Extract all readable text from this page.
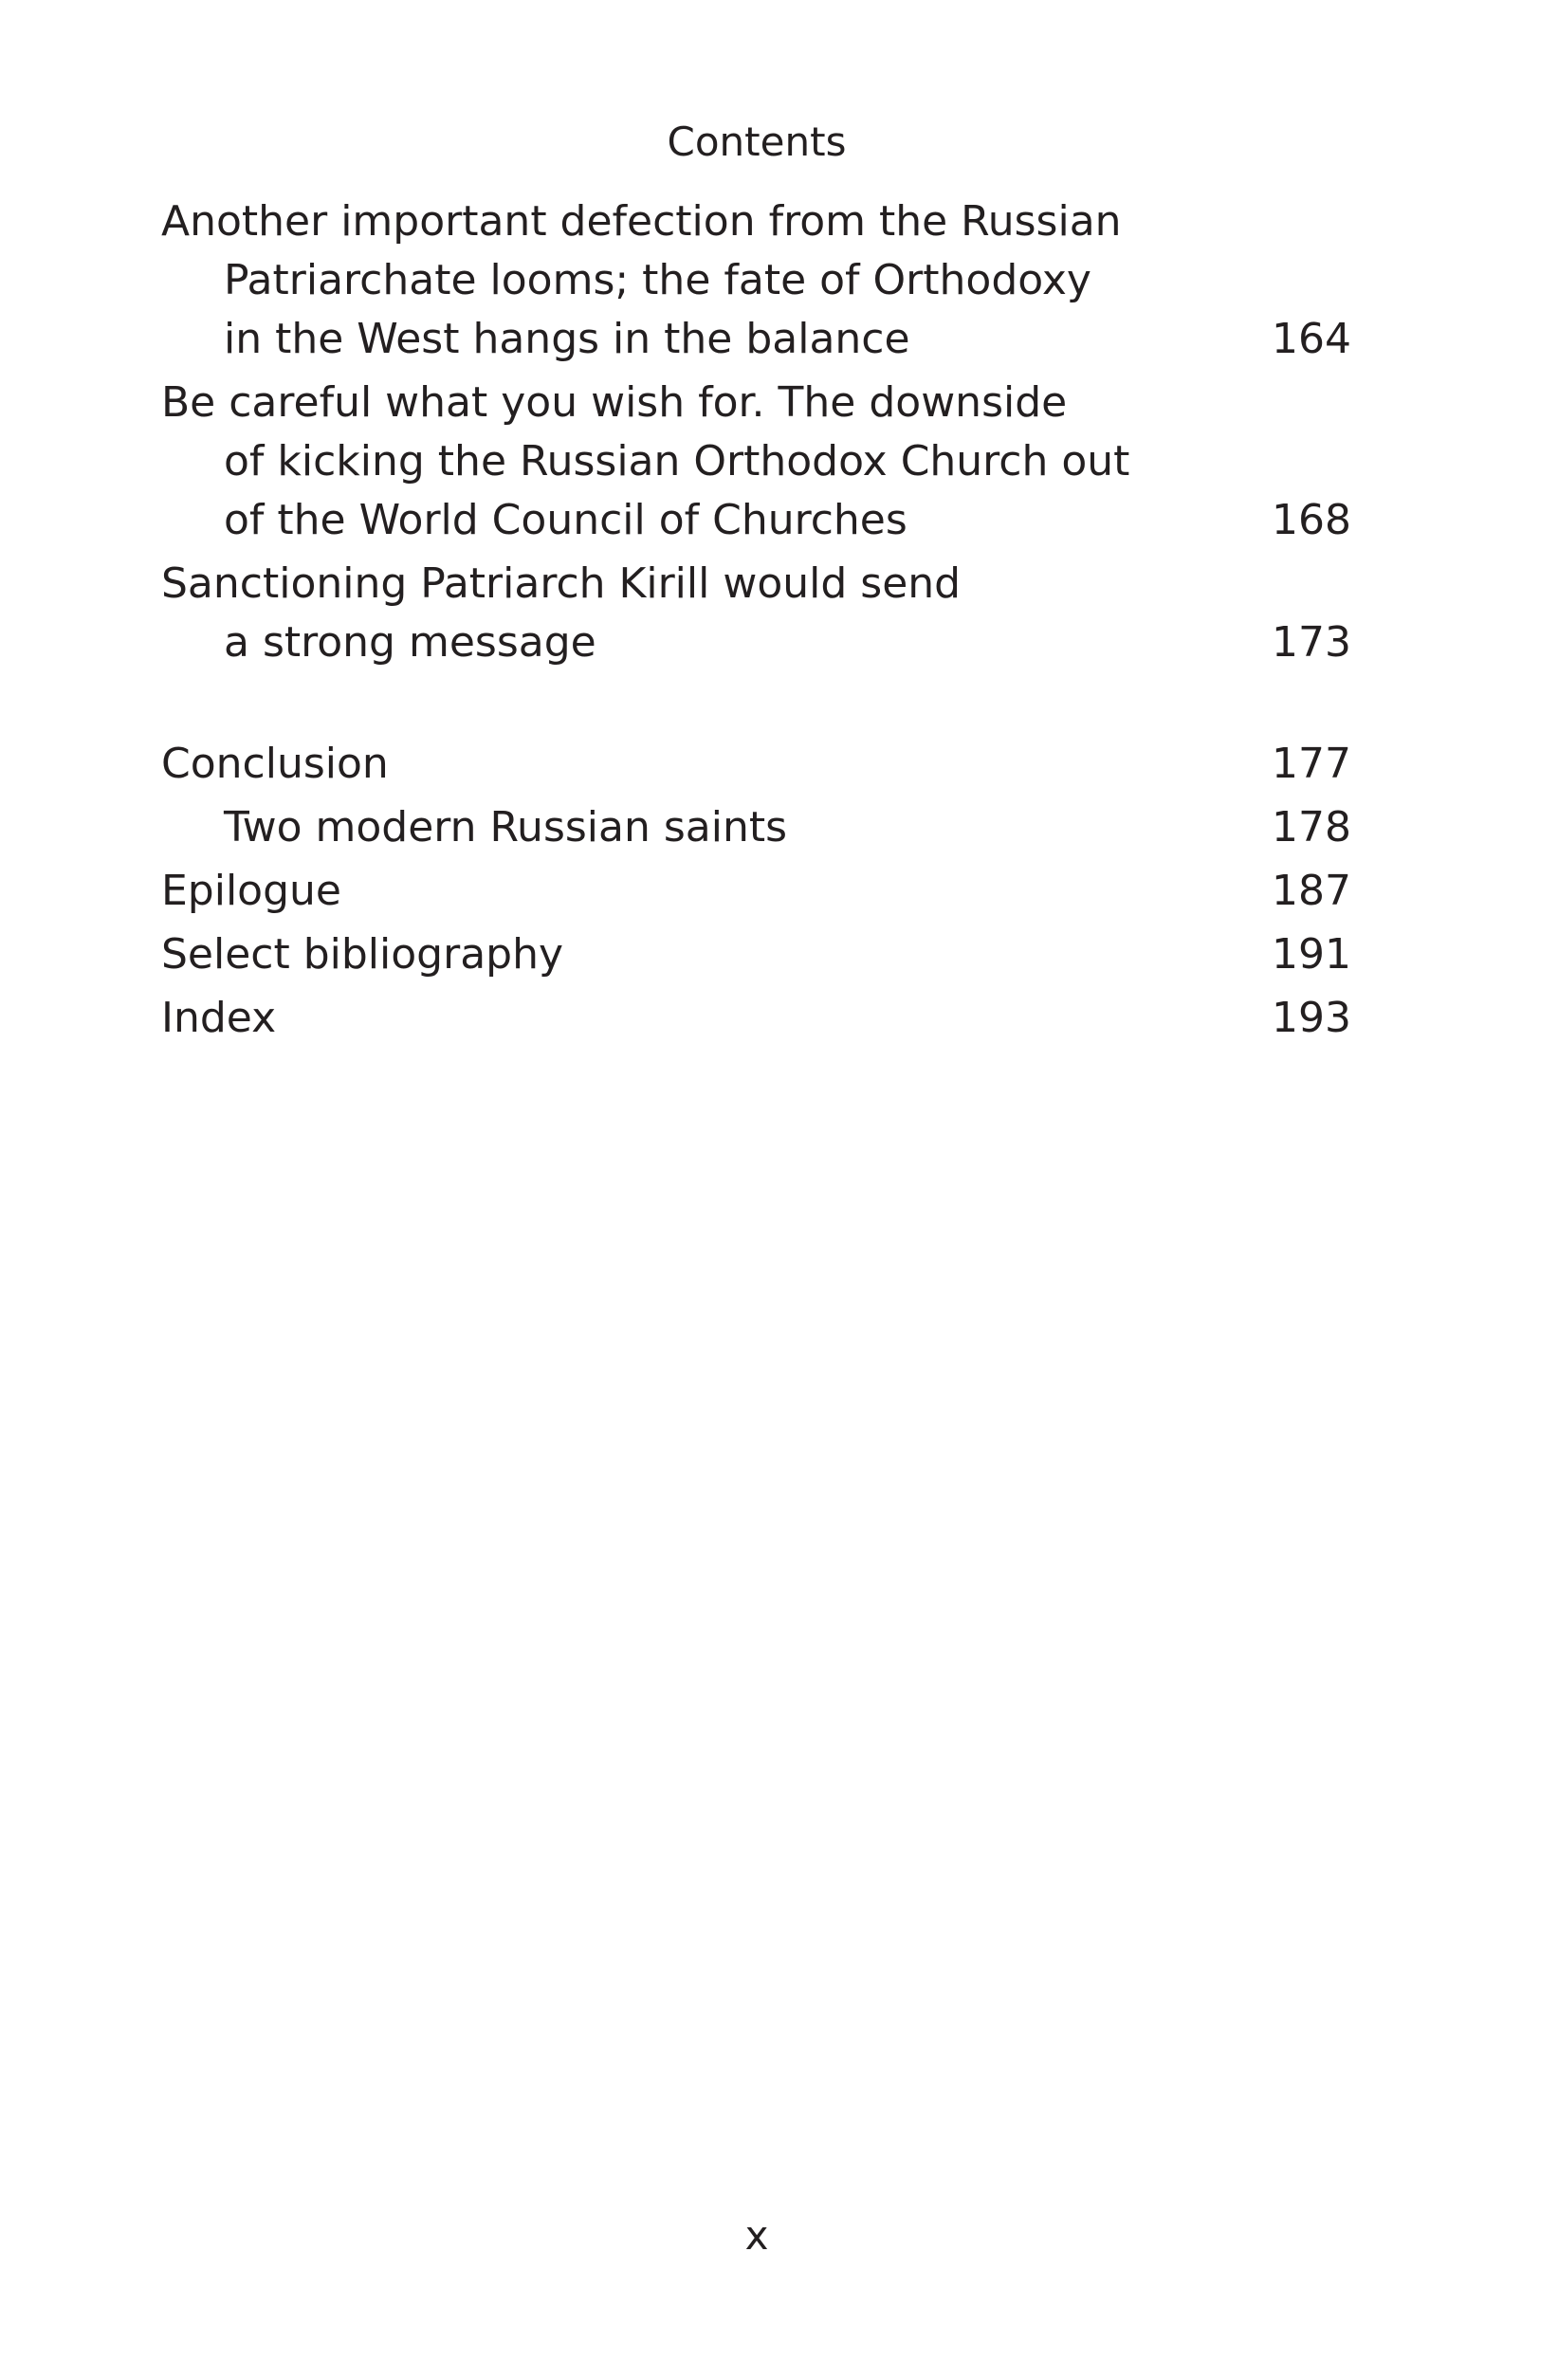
Contents
Another important defection from the Russian
Patriarchate looms; the fate of Orthodoxy
in the West hangs in the balance	164
Be careful what you wish for. The downside
of kicking the Russian Orthodox Church out
of the World Council of Churches	168
Sanctioning Patriarch Kirill would send
a strong message	173
Conclusion	177
Two modern Russian saints	178
Epilogue	187
Select bibliography	191
Index	193
x
